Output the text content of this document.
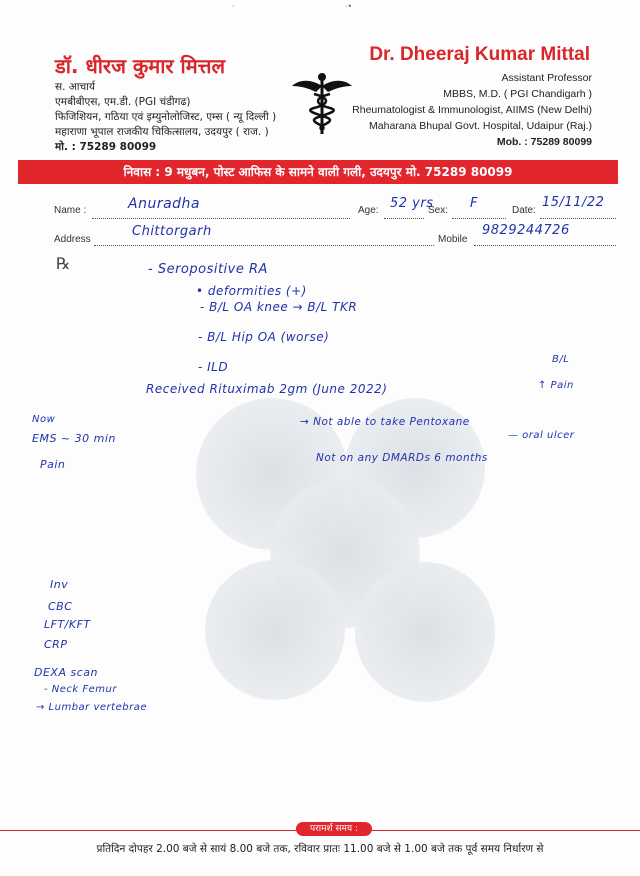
·	·•
डॉ. धीरज कुमार मित्तल
स. आचार्य
एमबीबीएस, एम.डी. (PGI चंडीगढ)
फिजिशियन, गठिया एवं इम्युनोलोजिस्ट, एम्स ( न्यू दिल्ली )
महाराणा भूपाल राजकीय चिकित्सालय, उदयपुर ( राज. )
मो. : 75289 80099
Dr. Dheeraj Kumar Mittal
Assistant Professor
MBBS, M.D. ( PGI Chandigarh )
Rheumatologist & Immunologist, AIIMS (New Delhi)
Maharana Bhupal Govt. Hospital, Udaipur (Raj.)
Mob. : 75289 80099
निवास : 9 मधुबन, पोस्ट आफिस के सामने वाली गली, उदयपुर मो. 75289 80099
Name :	Anuradha	Age: 52 yrs
Sex: F	Date:
15/11/22
Address
Chittorgarh
Mobile
9829244726
℞	- Seropositive RA
• deformities (+)
- B/L OA knee → B/L TKR
- B/L Hip OA (worse)
- ILD
Received Rituximab 2gm (June 2022)
B/L
↑ Pain
→ Not able to take Pentoxane
— oral ulcer
Not on any DMARDs 6 months
Now
EMS ~ 30 min
Pain
Inv
CBC
LFT/KFT
CRP
DEXA scan
- Neck Femur
→ Lumbar vertebrae
परामर्श समय :
प्रतिदिन दोपहर 2.00 बजे से सायं 8.00 बजे तक, रविवार प्रातः 11.00 बजे से 1.00 बजे तक पूर्व समय निर्धारण से
